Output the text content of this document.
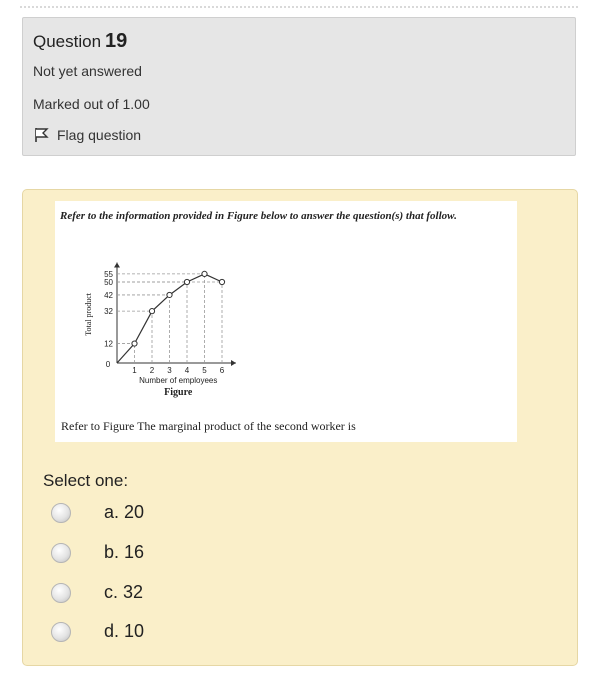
Question 19
Not yet answered
Marked out of 1.00
Flag question
Refer to the information provided in Figure below to answer the question(s) that follow.
1 2 3 4 5 6
12
32
42
50
55
0
Number of employees
Total product
Figure
Refer to Figure The marginal product of the second worker is
Select one:
a. 20
b. 16
c. 32
d. 10
